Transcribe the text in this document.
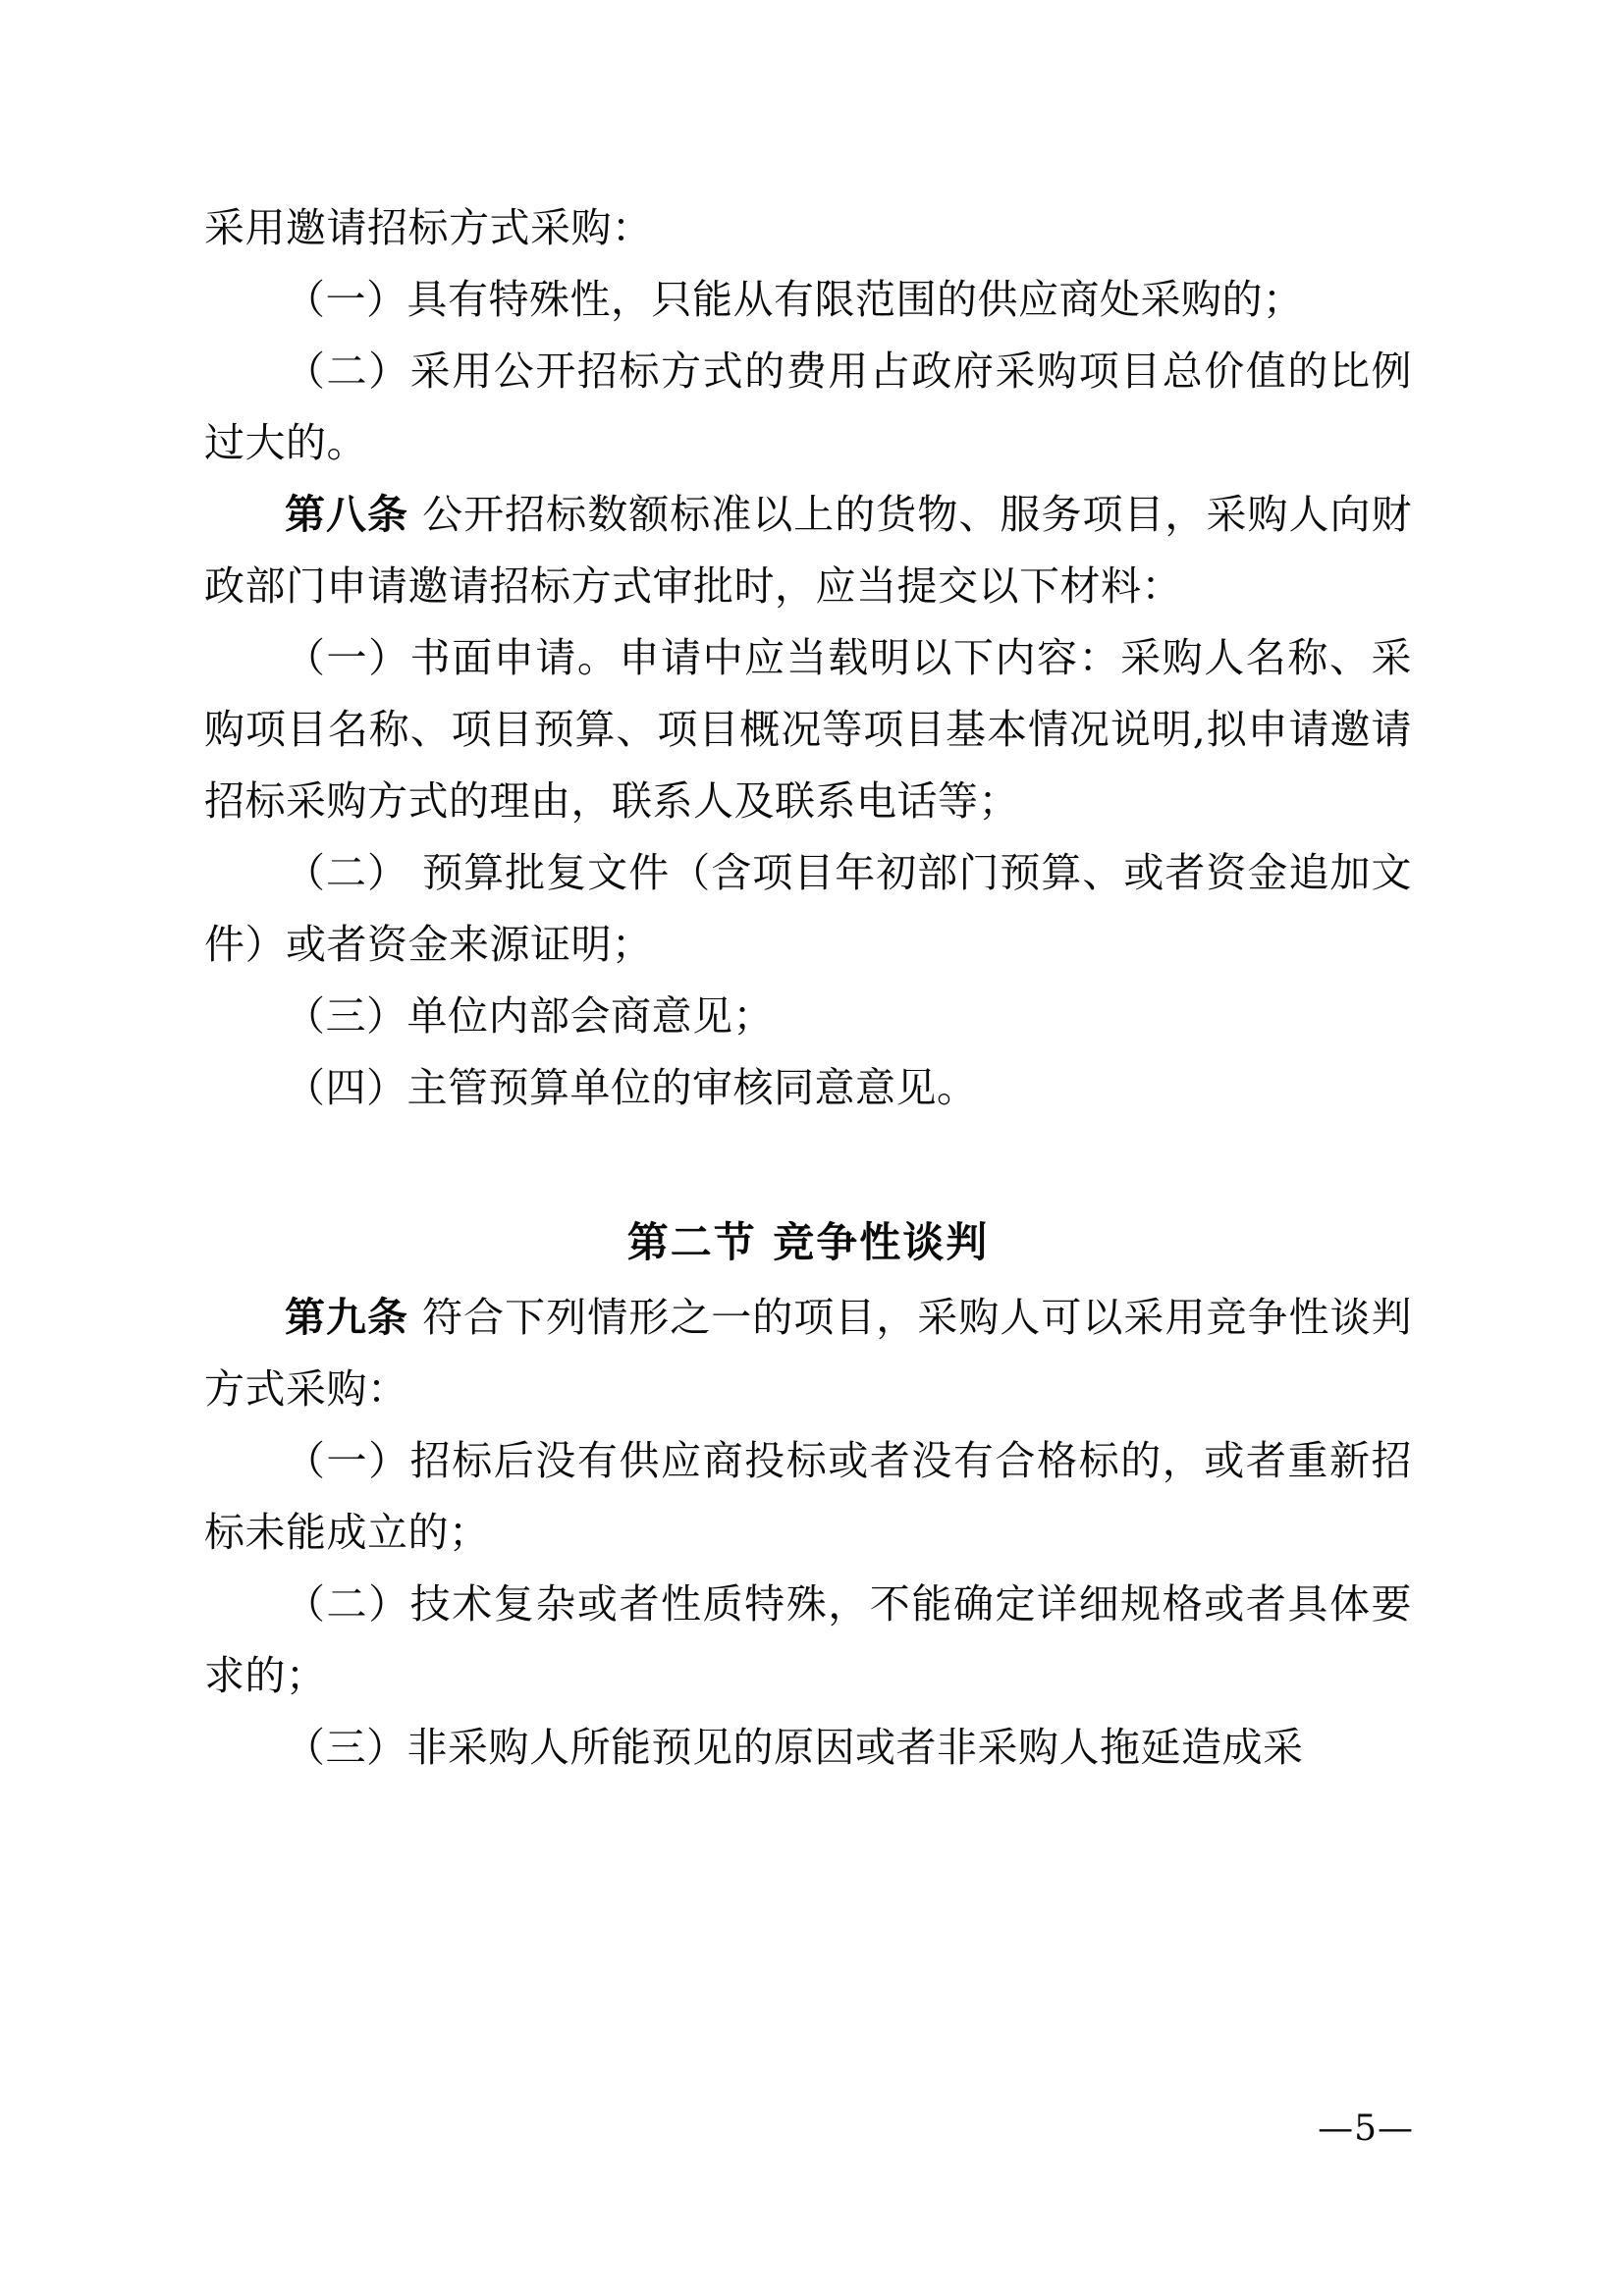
采用邀请招标方式采购：

（一）具有特殊性，只能从有限范围的供应商处采购的；

（二）采用公开招标方式的费用占政府采购项目总价值的比例过大的。

第八条 公开招标数额标准以上的货物、服务项目，采购人向财政部门申请邀请招标方式审批时，应当提交以下材料：

（一）书面申请。申请中应当载明以下内容：采购人名称、采购项目名称、项目预算、项目概况等项目基本情况说明,拟申请邀请招标采购方式的理由，联系人及联系电话等；

（二） 预算批复文件（含项目年初部门预算、或者资金追加文件）或者资金来源证明；

（三）单位内部会商意见；

（四）主管预算单位的审核同意意见。

第二节 竞争性谈判

第九条 符合下列情形之一的项目，采购人可以采用竞争性谈判方式采购：

（一）招标后没有供应商投标或者没有合格标的，或者重新招标未能成立的；

（二）技术复杂或者性质特殊，不能确定详细规格或者具体要求的；

（三）非采购人所能预见的原因或者非采购人拖延造成采

—5—
